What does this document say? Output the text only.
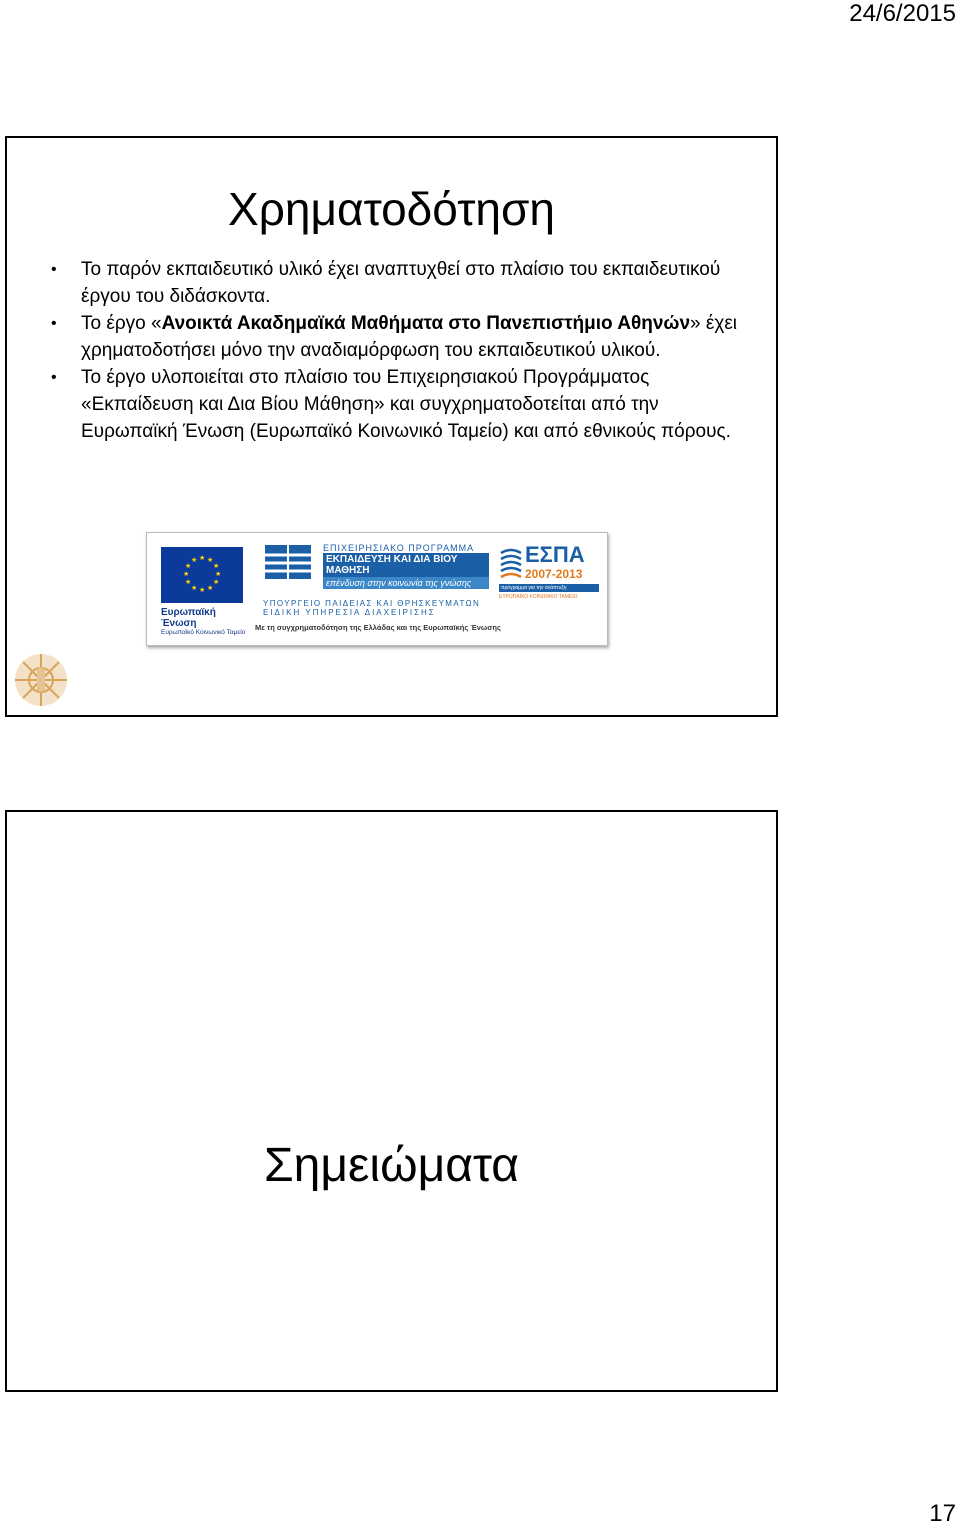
24/6/2015
Χρηματοδότηση
• Το παρόν εκπαιδευτικό υλικό έχει αναπτυχθεί στο πλαίσιο του εκπαιδευτικού έργου του διδάσκοντα.
• Το έργο «Ανοικτά Ακαδημαϊκά Μαθήματα στο Πανεπιστήμιο Αθηνών» έχει χρηματοδοτήσει μόνο την αναδιαμόρφωση του εκπαιδευτικού υλικού.
• Το έργο υλοποιείται στο πλαίσιο του Επιχειρησιακού Προγράμματος «Εκπαίδευση και Δια Βίου Μάθηση» και συγχρηματοδοτείται από την Ευρωπαϊκή Ένωση (Ευρωπαϊκό Κοινωνικό Ταμείο) και από εθνικούς πόρους.
★ ★
★
★
★
★
★
★
★
★
★
★
Ευρωπαϊκή Ένωση
Ευρωπαϊκό Κοινωνικό Ταμείο
ΕΠΙΧΕΙΡΗΣΙΑΚΟ ΠΡΟΓΡΑΜΜΑ
ΕΚΠΑΙΔΕΥΣΗ ΚΑΙ ΔΙΑ ΒΙΟΥ ΜΑΘΗΣΗ
επένδυση στην κοινωνία της γνώσης
ΥΠΟΥΡΓΕΙΟ ΠΑΙΔΕΙΑΣ ΚΑΙ ΘΡΗΣΚΕΥΜΑΤΩΝ
ΕΙΔΙΚΗ ΥΠΗΡΕΣΙΑ ΔΙΑΧΕΙΡΙΣΗΣ
ΕΣΠΑ
2007-2013
πρόγραμμα για την ανάπτυξη
ΕΥΡΩΠΑΪΚΟ ΚΟΙΝΩΝΙΚΟ ΤΑΜΕΙΟ
Με τη συγχρηματοδότηση της Ελλάδας και της Ευρωπαϊκής Ένωσης
Σημειώματα
17
